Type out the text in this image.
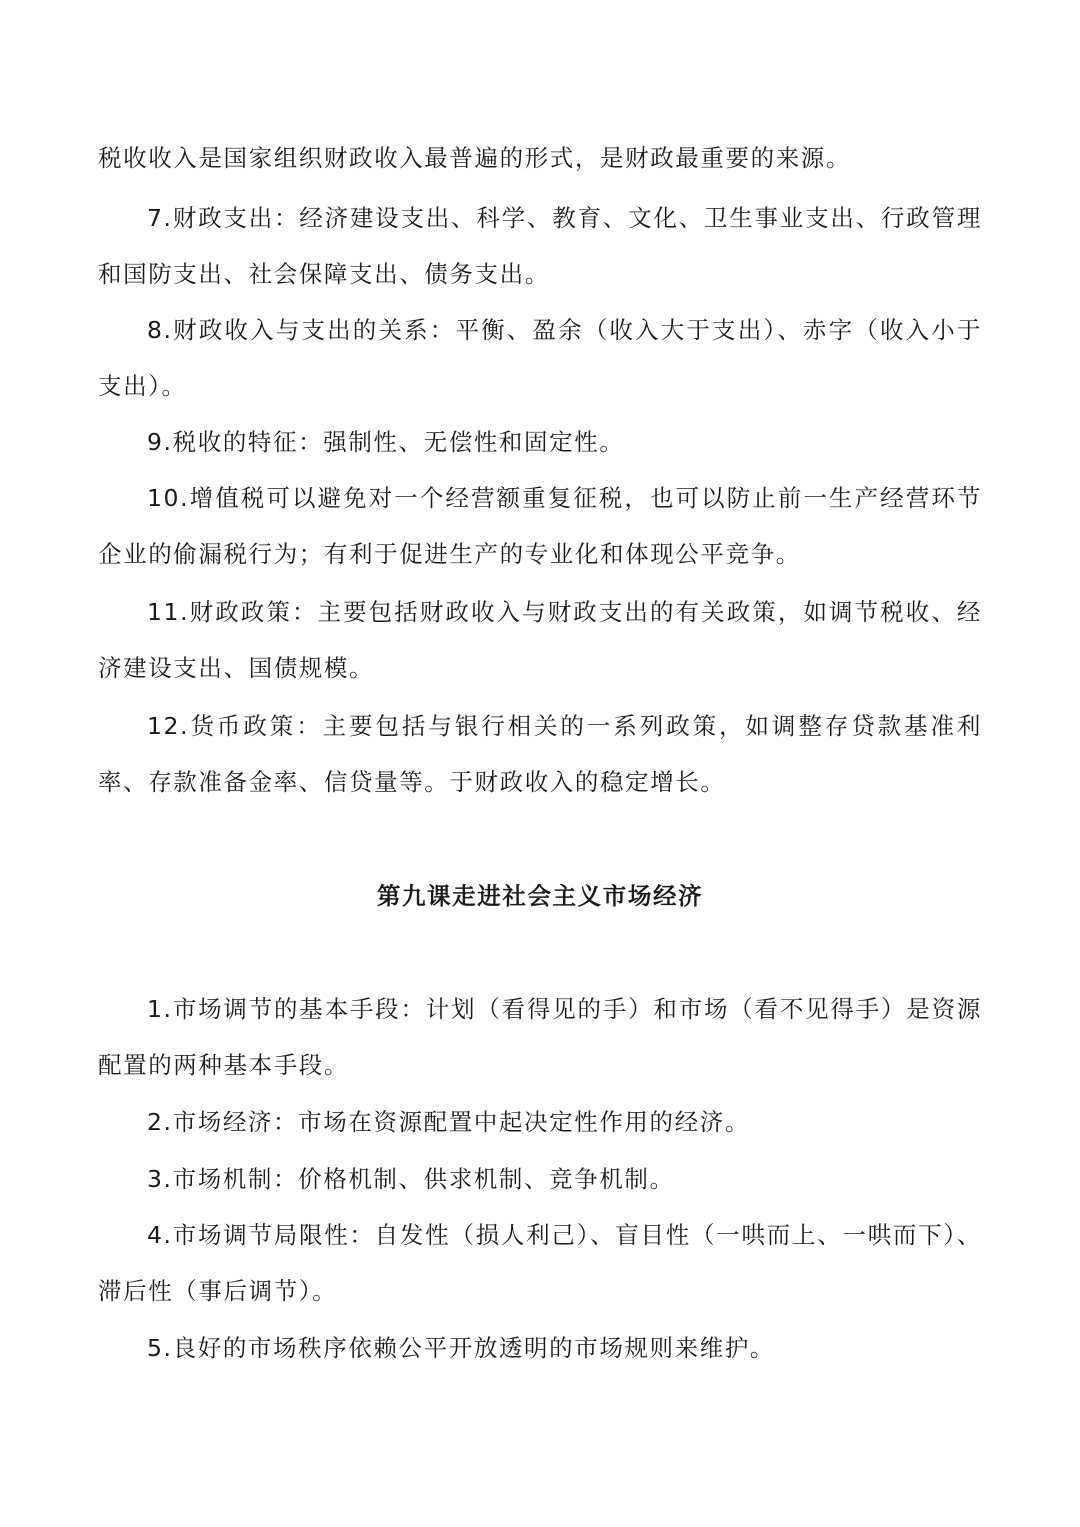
税收收入是国家组织财政收入最普遍的形式，是财政最重要的来源。

7.财政支出：经济建设支出、科学、教育、文化、卫生事业支出、行政管理和国防支出、社会保障支出、债务支出。

8.财政收入与支出的关系：平衡、盈余（收入大于支出）、赤字（收入小于支出）。

9.税收的特征：强制性、无偿性和固定性。

10.增值税可以避免对一个经营额重复征税，也可以防止前一生产经营环节企业的偷漏税行为；有利于促进生产的专业化和体现公平竞争。

11.财政政策：主要包括财政收入与财政支出的有关政策，如调节税收、经济建设支出、国债规模。

12.货币政策：主要包括与银行相关的一系列政策，如调整存贷款基准利率、存款准备金率、信贷量等。于财政收入的稳定增长。

第九课走进社会主义市场经济

1.市场调节的基本手段：计划（看得见的手）和市场（看不见得手）是资源配置的两种基本手段。

2.市场经济：市场在资源配置中起决定性作用的经济。

3.市场机制：价格机制、供求机制、竞争机制。

4.市场调节局限性：自发性（损人利己）、盲目性（一哄而上、一哄而下）、滞后性（事后调节）。

5.良好的市场秩序依赖公平开放透明的市场规则来维护。
